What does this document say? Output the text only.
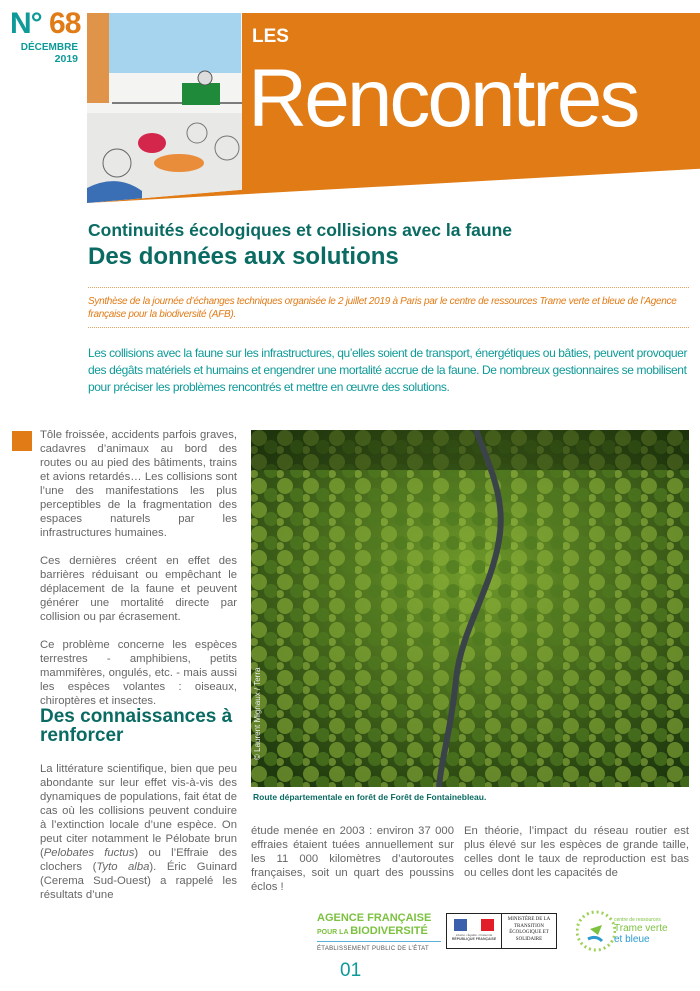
N° 68
DÉCEMBRE
2019
LES
Rencontres
Continuités écologiques et collisions avec la faune
Des données aux solutions
Synthèse de la journée d’échanges techniques organisée le 2 juillet 2019 à Paris par le centre de ressources Trame verte et bleue de l’Agence française pour la biodiversité (AFB).
Les collisions avec la faune sur les infrastructures, qu’elles soient de transport, énergétiques ou bâties, peuvent provoquer des dégâts matériels et humains et engendrer une mortalité accrue de la faune. De nombreux gestionnaires se mobilisent pour préciser les problèmes rencontrés et mettre en œuvre des solutions.

Tôle froissée, accidents parfois graves, cadavres d’animaux au bord des routes ou au pied des bâtiments, trains et avions retardés… Les collisions sont l’une des manifestations les plus perceptibles de la fragmentation des espaces naturels par les infrastructures humaines.

Ces dernières créent en effet des barrières réduisant ou empêchant le déplacement de la faune et peuvent générer une mortalité directe par collision ou par écrasement.

Ce problème concerne les espèces terrestres - amphibiens, petits mammifères, ongulés, etc. - mais aussi les espèces volantes : oiseaux, chiroptères et insectes.

Des connaissances à renforcer

La littérature scientifique, bien que peu abondante sur leur effet vis-à-vis des dynamiques de populations, fait état de cas où les collisions peuvent conduire à l’extinction locale d’une espèce. On peut citer notamment le Pélobate brun (Pelobates fuctus) ou l’Effraie des clochers (Tyto alba). Éric Guinard (Cerema Sud-Ouest) a rappelé les résultats d’une

© Laurent Mignaux / Terra
Route départementale en forêt de Forêt de Fontainebleau.

étude menée en 2003 : environ 37 000 effraies étaient tuées annuellement sur les 11 000 kilomètres d’autoroutes françaises, soit un quart des poussins éclos !

En théorie, l’impact du réseau routier est plus élevé sur les espèces de grande taille, celles dont le taux de reproduction est bas ou celles dont les capacités de

AGENCE FRANÇAISE
POUR LA BIODIVERSITÉ
ÉTABLISSEMENT PUBLIC DE L’ÉTAT
Liberté • Égalité • Fraternité
RÉPUBLIQUE FRANÇAISE
MINISTÈRE DE LA TRANSITION ÉCOLOGIQUE ET SOLIDAIRE
centre de ressources
Trame verte
et bleue
01
